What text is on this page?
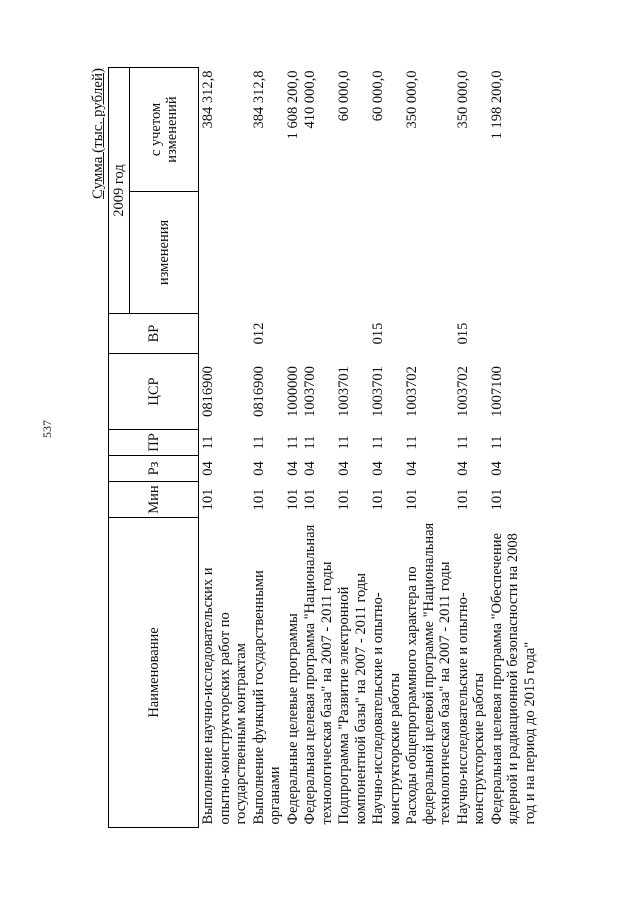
537
Сумма (тыс. рублей)
Наименование	Мин	Рз	ПР	ЦСР	ВР	2009 год	
						изменения	с учетом изменений
Выполнение научно-исследовательских и опытно-конструкторских работ по государственным контрактам	101	04	11	0816900			384 312,8
Выполнение функций государственными органами	101	04	11	0816900	012		384 312,8
Федеральные целевые программы	101	04	11	1000000			1 608 200,0
Федеральная целевая программа "Национальная технологическая база" на 2007 - 2011 годы	101	04	11	1003700			410 000,0
Подпрограмма "Развитие электронной компонентной базы" на 2007 - 2011 годы	101	04	11	1003701			60 000,0
Научно-исследовательские и опытно-конструкторские работы	101	04	11	1003701	015		60 000,0
Расходы общепрограммного характера по федеральной целевой программе "Национальная технологическая база" на 2007 - 2011 годы	101	04	11	1003702			350 000,0
Научно-исследовательские и опытно-конструкторские работы	101	04	11	1003702	015		350 000,0
Федеральная целевая программа "Обеспечение ядерной и радиационной безопасности на 2008 год и на период до 2015 года"	101	04	11	1007100			1 198 200,0
